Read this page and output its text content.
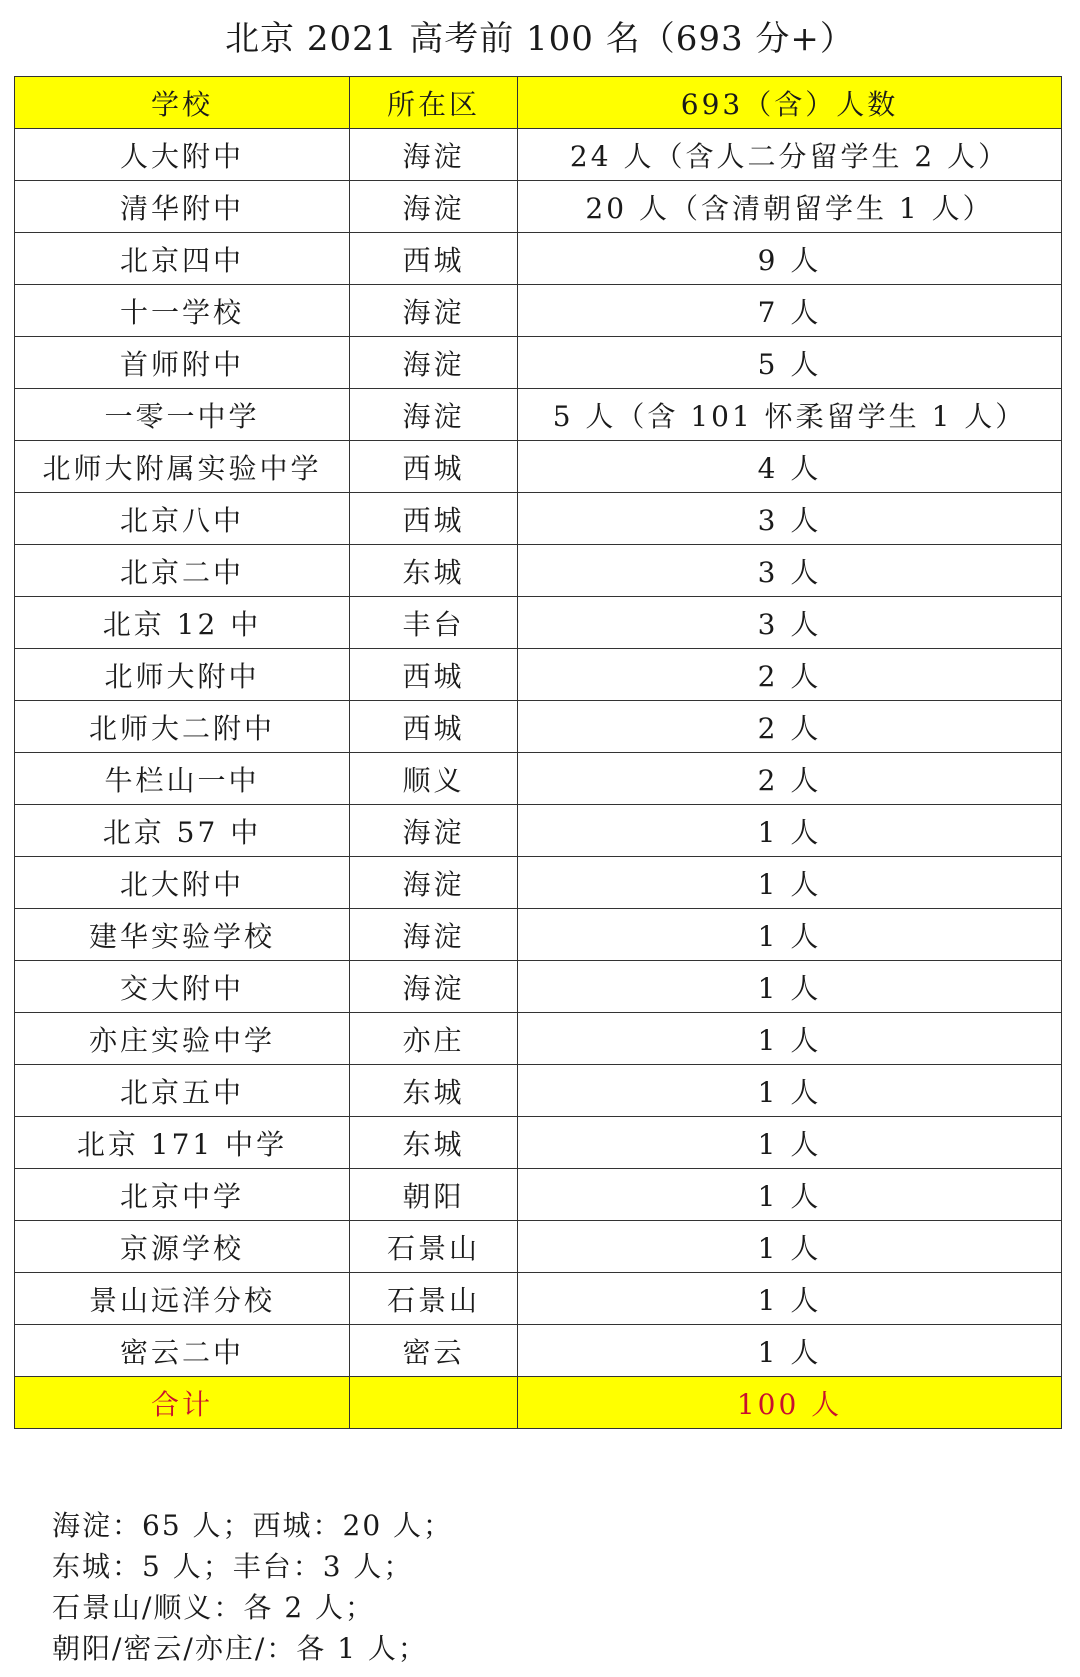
北京 2021 高考前 100 名（693 分+）
学校	所在区	693（含）人数
人大附中	海淀	24 人（含人二分留学生 2 人）
清华附中	海淀	20 人（含清朝留学生 1 人）
北京四中	西城	9 人
十一学校	海淀	7 人
首师附中	海淀	5 人
一零一中学	海淀	5 人（含 101 怀柔留学生 1 人）
北师大附属实验中学	西城	4 人
北京八中	西城	3 人
北京二中	东城	3 人
北京 12 中	丰台	3 人
北师大附中	西城	2 人
北师大二附中	西城	2 人
牛栏山一中	顺义	2 人
北京 57 中	海淀	1 人
北大附中	海淀	1 人
建华实验学校	海淀	1 人
交大附中	海淀	1 人
亦庄实验中学	亦庄	1 人
北京五中	东城	1 人
北京 171 中学	东城	1 人
北京中学	朝阳	1 人
京源学校	石景山	1 人
景山远洋分校	石景山	1 人
密云二中	密云	1 人
合计		100 人
海淀：65 人；西城：20 人；
东城：5 人；丰台：3 人；
石景山/顺义：各 2 人；
朝阳/密云/亦庄/：各 1 人；
